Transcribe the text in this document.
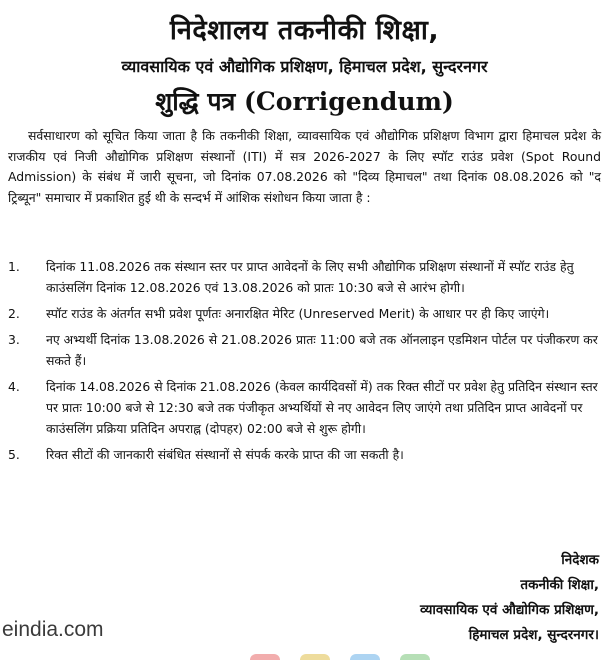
निदेशालय तकनीकी शिक्षा,
व्यावसायिक एवं औद्योगिक प्रशिक्षण, हिमाचल प्रदेश, सुन्दरनगर
शुद्धि पत्र (Corrigendum)
सर्वसाधारण को सूचित किया जाता है कि तकनीकी शिक्षा, व्यावसायिक एवं औद्योगिक प्रशिक्षण विभाग द्वारा हिमाचल प्रदेश के राजकीय एवं निजी औद्योगिक प्रशिक्षण संस्थानों (ITI) में सत्र 2026-2027 के लिए स्पॉट राउंड प्रवेश (Spot Round Admission) के संबंध में जारी सूचना, जो दिनांक 07.08.2026 को "दिव्य हिमाचल" तथा दिनांक 08.08.2026 को "द ट्रिब्यून" समाचार में प्रकाशित हुई थी के सन्दर्भ में आंशिक संशोधन किया जाता है :
1.	दिनांक 11.08.2026 तक संस्थान स्तर पर प्राप्त आवेदनों के लिए सभी औद्योगिक प्रशिक्षण संस्थानों में स्पॉट राउंड हेतु काउंसलिंग दिनांक 12.08.2026 एवं 13.08.2026 को प्रातः 10:30 बजे से आरंभ होगी।
2.	स्पॉट राउंड के अंतर्गत सभी प्रवेश पूर्णतः अनारक्षित मेरिट (Unreserved Merit) के आधार पर ही किए जाएंगे।
3.	नए अभ्यर्थी दिनांक 13.08.2026 से 21.08.2026 प्रातः 11:00 बजे तक ऑनलाइन एडमिशन पोर्टल पर पंजीकरण कर सकते हैं।
4.	दिनांक 14.08.2026 से दिनांक 21.08.2026 (केवल कार्यदिवसों में) तक रिक्त सीटों पर प्रवेश हेतु प्रतिदिन संस्थान स्तर पर प्रातः 10:00 बजे से 12:30 बजे तक पंजीकृत अभ्यर्थियों से नए आवेदन लिए जाएंगे तथा प्रतिदिन प्राप्त आवेदनों पर काउंसलिंग प्रक्रिया प्रतिदिन अपराह्न (दोपहर) 02:00 बजे से शुरू होगी।
5.	रिक्त सीटों की जानकारी संबंधित संस्थानों से संपर्क करके प्राप्त की जा सकती है।
निदेशक
तकनीकी शिक्षा,
व्यावसायिक एवं औद्योगिक प्रशिक्षण,
हिमाचल प्रदेश, सुन्दरनगर।
eindia.com
